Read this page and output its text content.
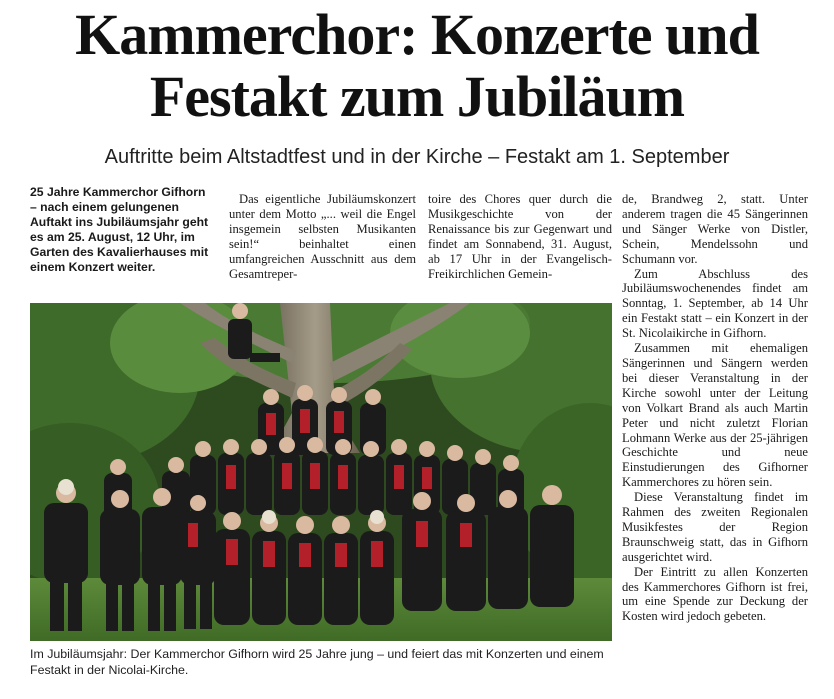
Kammerchor: Konzerte und
Festakt zum Jubiläum
Auftritte beim Altstadtfest und in der Kirche – Festakt am 1. September
25 Jahre Kammerchor Gifhorn – nach einem gelungenen Auftakt ins Jubiläumsjahr geht es am 25. August, 12 Uhr, im Garten des Kavalierhauses mit einem Konzert weiter.
Das eigentliche Jubiläumskonzert unter dem Motto „... weil die Engel insgemein selbsten Musikanten sein!“ beinhaltet einen umfangreichen Ausschnitt aus dem Gesamtreper-
toire des Chores quer durch die Musikgeschichte von der Renaissance bis zur Gegenwart und findet am Sonnabend, 31. August, ab 17 Uhr in der Evangelisch-Freikirchlichen Gemein-

de, Brandweg 2, statt. Unter anderem tragen die 45 Sängerinnen und Sänger Werke von Distler, Schein, Mendelssohn und Schumann vor.

Zum Abschluss des Jubiläumswochenendes findet am Sonntag, 1. September, ab 14 Uhr ein Festakt statt – ein Konzert in der St. Nicolaikirche in Gifhorn.

Zusammen mit ehemaligen Sängerinnen und Sängern werden bei dieser Veranstaltung in der Kirche sowohl unter der Leitung von Volkart Brand als auch Martin Peter und nicht zuletzt Florian Lohmann Werke aus der 25-jährigen Geschichte und neue Einstudierungen des Gifhorner Kammerchores zu hören sein.

Diese Veranstaltung findet im Rahmen des zweiten Regionalen Musikfestes der Region Braunschweig statt, das in Gifhorn ausgerichtet wird.

Der Eintritt zu allen Konzerten des Kammerchores Gifhorn ist frei, um eine Spende zur Deckung der Kosten wird jedoch gebeten.

Im Jubiläumsjahr: Der Kammerchor Gifhorn wird 25 Jahre jung – und feiert das mit Konzerten und einem Festakt in der Nicolai-Kirche.
